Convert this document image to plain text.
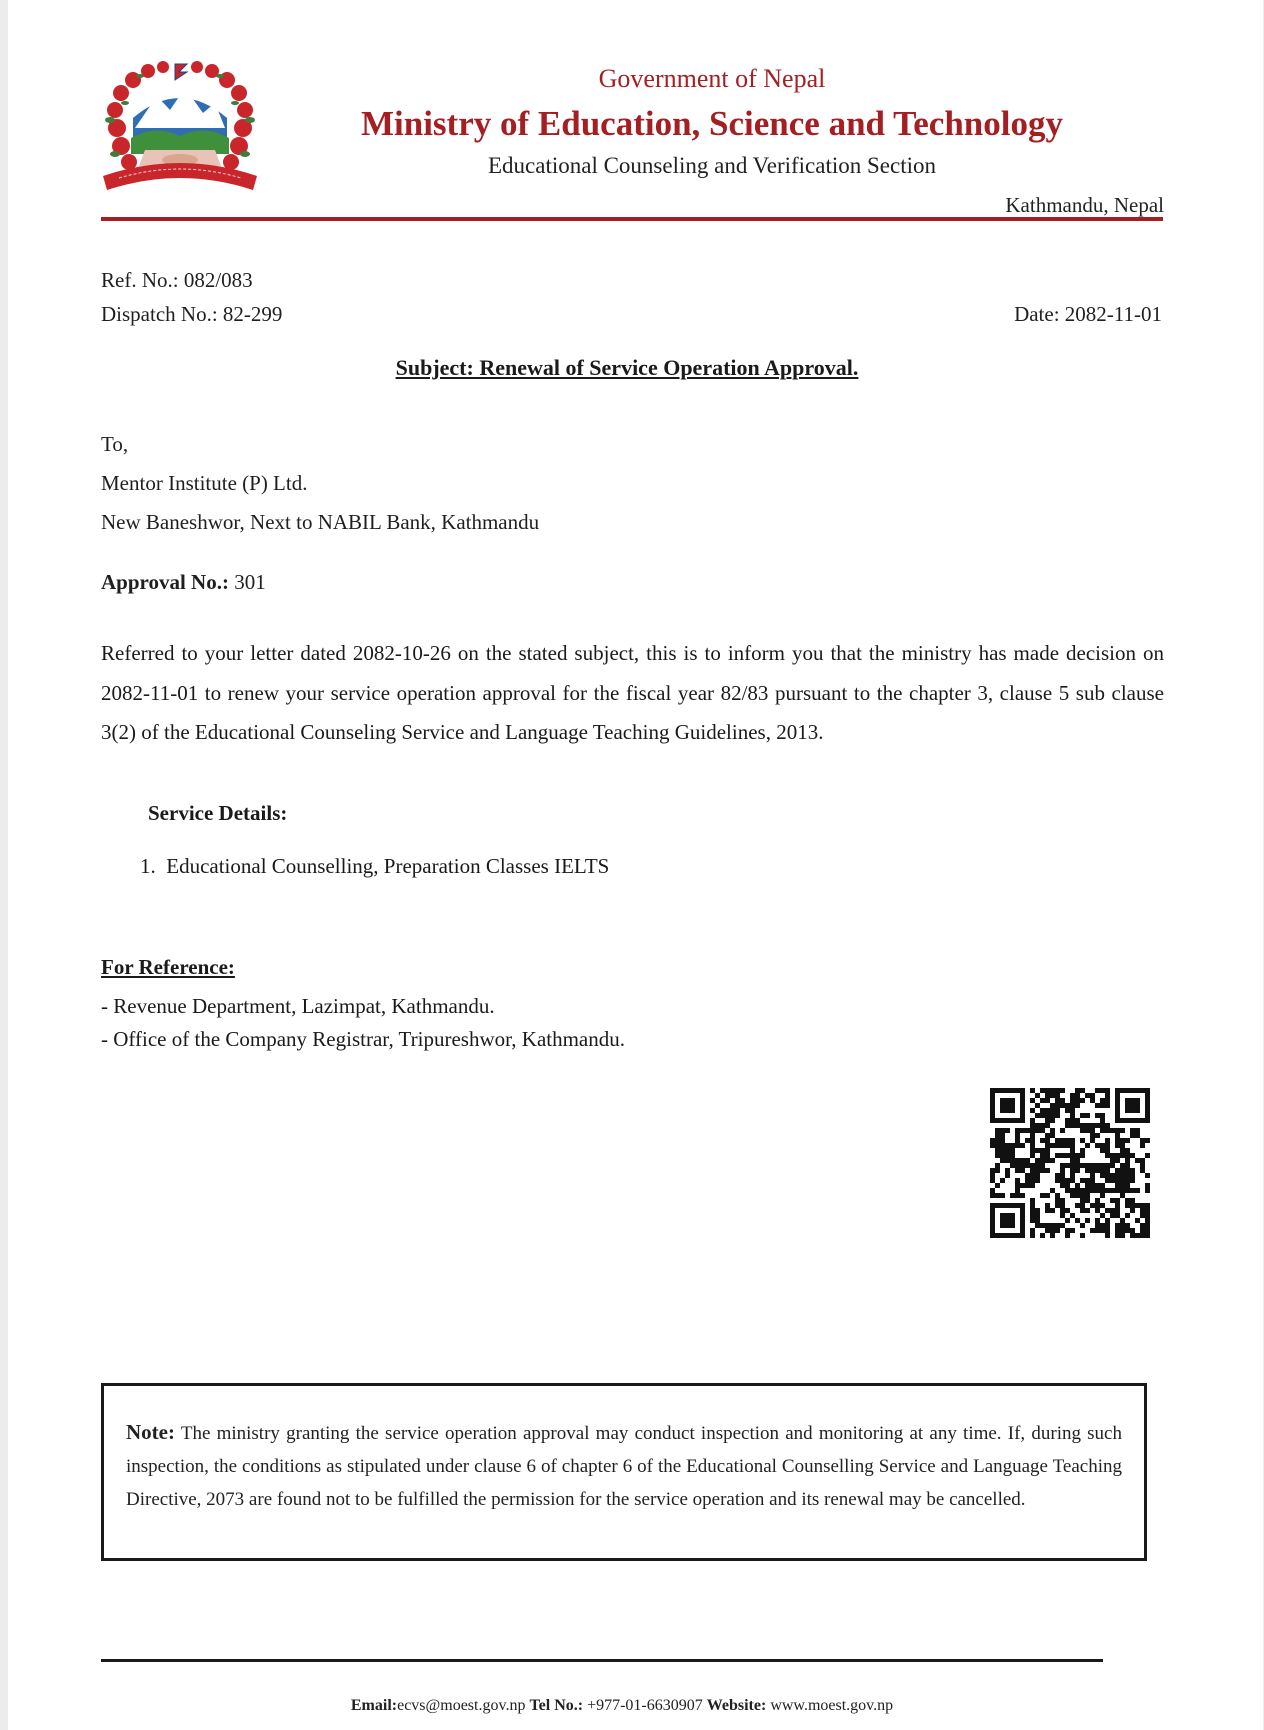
Government of Nepal
Ministry of Education, Science and Technology
Educational Counseling and Verification Section
Kathmandu, Nepal
Ref. No.: 082/083
Dispatch No.: 82-299	Date: 2082-11-01
Subject: Renewal of Service Operation Approval.
To,
Mentor Institute (P) Ltd.
New Baneshwor, Next to NABIL Bank, Kathmandu
Approval No.: 301
Referred to your letter dated 2082-10-26 on the stated subject, this is to inform you that the ministry has made decision on 2082-11-01 to renew your service operation approval for the fiscal year 82/83 pursuant to the chapter 3, clause 5 sub clause 3(2) of the Educational Counseling Service and Language Teaching Guidelines, 2013.
Service Details:
1.  Educational Counselling, Preparation Classes IELTS
For Reference:
- Revenue Department, Lazimpat, Kathmandu.
- Office of the Company Registrar, Tripureshwor, Kathmandu.
Note: The ministry granting the service operation approval may conduct inspection and monitoring at any time. If, during such inspection, the conditions as stipulated under clause 6 of chapter 6 of the Educational Counselling Service and Language Teaching Directive, 2073 are found not to be fulfilled the permission for the service operation and its renewal may be cancelled.
Email:ecvs@moest.gov.np Tel No.: +977-01-6630907 Website: www.moest.gov.np
